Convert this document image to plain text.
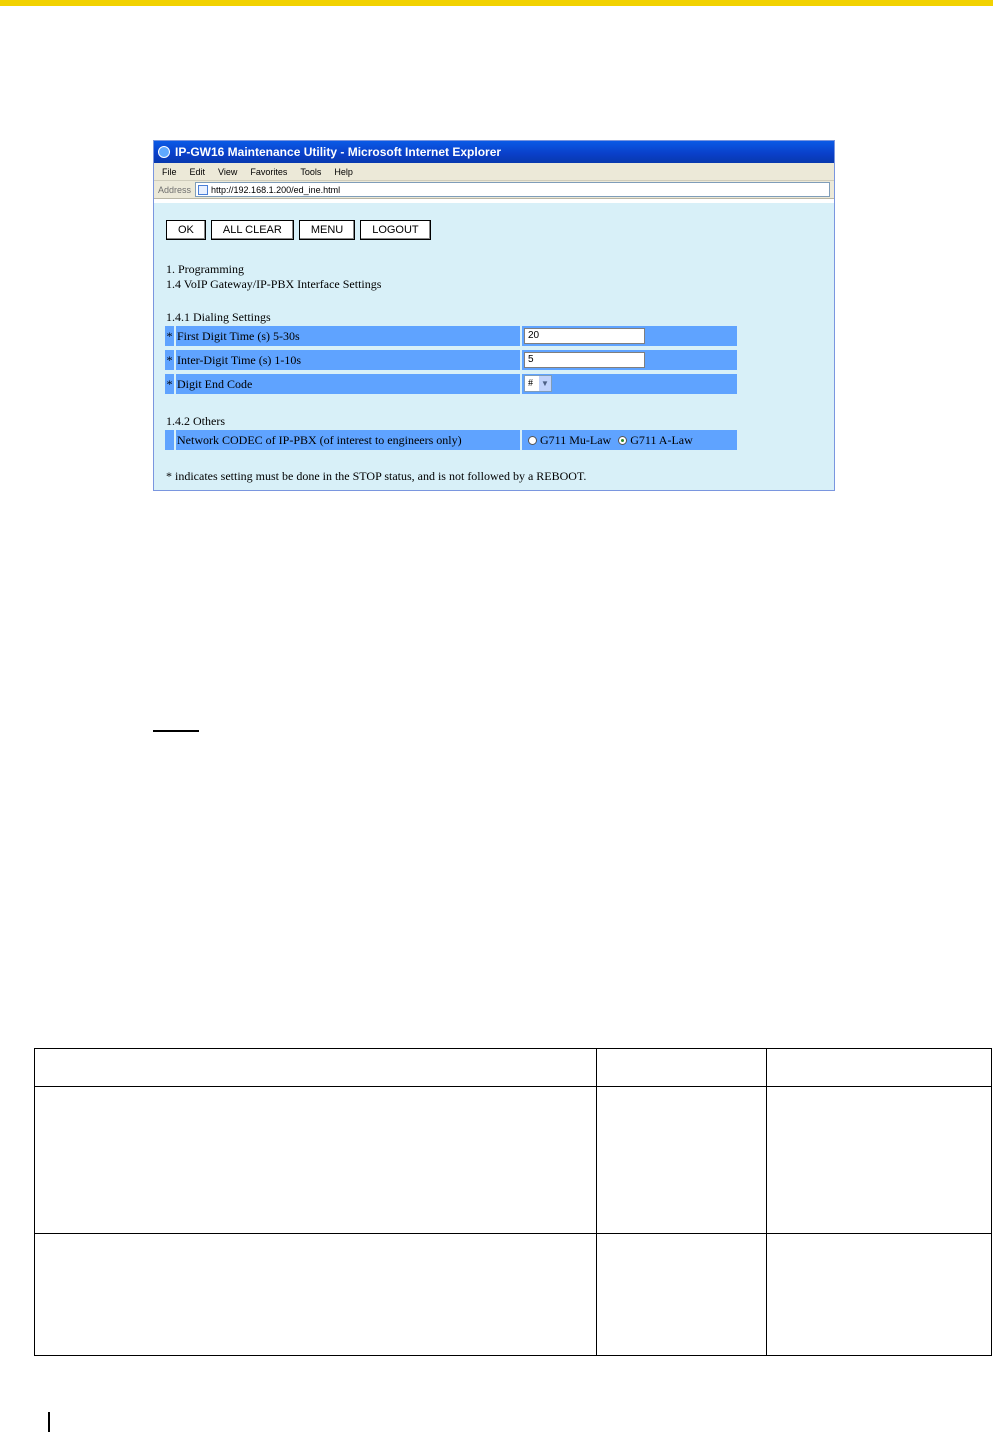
IP-GW16 Maintenance Utility - Microsoft Internet Explorer
File Edit View Favorites Tools Help
Address http://192.168.1.200/ed_ine.html
OK	ALL CLEAR	MENU	LOGOUT
1. Programming
1.4 VoIP Gateway/IP-PBX Interface Settings
1.4.1 Dialing Settings
* First Digit Time (s) 5-30s	20
* Inter-Digit Time (s) 1-10s	5
* Digit End Code	# ▼
1.4.2 Others
Network CODEC of IP-PBX (of interest to engineers only)	G711 Mu-Law G711 A-Law
* indicates setting must be done in the STOP status, and is not followed by a REBOOT.
